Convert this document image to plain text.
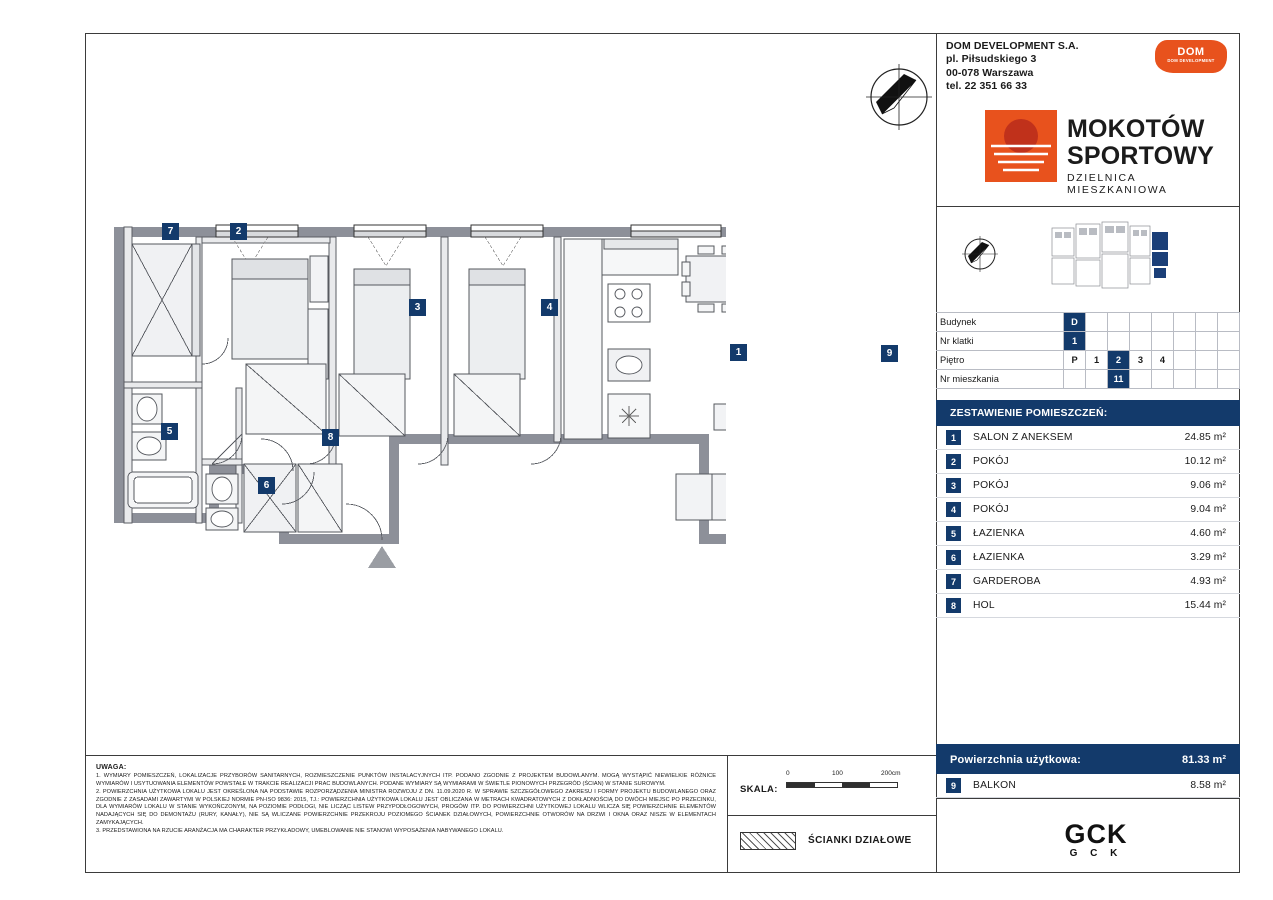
7	2
3	4
1
5
6
8
9
DOM DEVELOPMENT S.A.
pl. Piłsudskiego 3
00-078 Warszawa
tel. 22 351 66 33
DOM
DOM DEVELOPMENT
MOKOTÓW
SPORTOWY
DZIELNICA MIESZKANIOWA
Budynek	D							
Nr klatki	1							
Piętro	P	1	2	3	4			
Nr mieszkania			11					
ZESTAWIENIE POMIESZCZEŃ:
1	SALON Z ANEKSEM	24.85 m²
2	POKÓJ	10.12 m²
3	POKÓJ	9.06 m²
4	POKÓJ	9.04 m²
5	ŁAZIENKA	4.60 m²
6	ŁAZIENKA	3.29 m²
7	GARDEROBA	4.93 m²
8	HOL	15.44 m²
Powierzchnia użytkowa:	81.33 m²
9	BALKON	8.58 m²
UWAGA:

1. WYMIARY POMIESZCZEŃ, LOKALIZACJE PRZYBORÓW SANITARNYCH, ROZMIESZCZENIE PUNKTÓW INSTALACYJNYCH ITP. PODANO ZGODNIE Z PROJEKTEM BUDOWLANYM. MOGĄ WYSTĄPIĆ NIEWIELKIE RÓŻNICE WYMIARÓW I USYTUOWANIA ELEMENTÓW POWSTAŁE W TRAKCIE REALIZACJI PRAC BUDOWLANYCH. PODANE WYMIARY SĄ WYMIARAMI W ŚWIETLE PIONOWYCH PRZEGRÓD (ŚCIAN) W STANIE SUROWYM.

2. POWIERZCHNIA UŻYTKOWA LOKALU JEST OKREŚLONA NA PODSTAWIE ROZPORZĄDZENIA MINISTRA ROZWOJU Z DN. 11.09.2020 R. W SPRAWIE SZCZEGÓŁOWEGO ZAKRESU I FORMY PROJEKTU BUDOWLANEGO ORAZ ZGODNIE Z ZASADAMI ZAWARTYMI W POLSKIEJ NORMIE PN-ISO 9836: 2015, TJ.: POWIERZCHNIA UŻYTKOWA LOKALU JEST OBLICZANA W METRACH KWADRATOWYCH Z DOKŁADNOŚCIĄ DO DWÓCH MIEJSC PO PRZECINKU, DLA WYMIARÓW LOKALU W STANIE WYKOŃCZONYM, NA POZIOMIE PODŁOGI, NIE LICZĄC LISTEW PRZYPODŁOGOWYCH, PROGÓW ITP. DO POWIERZCHNI UŻYTKOWEJ LOKALU WLICZA SIĘ POWIERZCHNIE ELEMENTÓW NADAJĄCYCH SIĘ DO DEMONTAŻU (RURY, KANAŁY), NIE SĄ WLICZANE POWIERZCHNIE PRZEKROJU POZIOMEGO ŚCIANEK DZIAŁOWYCH, POWIERZCHNIE OTWORÓW NA DRZWI I OKNA ORAZ NISZE W ELEMENTACH ZAMYKAJĄCYCH.

3. PRZEDSTAWIONA NA RZUCIE ARANŻACJA MA CHARAKTER PRZYKŁADOWY, UMEBLOWANIE NIE STANOWI WYPOSAŻENIA NABYWANEGO LOKALU.

SKALA:
0	100	200cm
ŚCIANKI DZIAŁOWE	GCK
G C K
